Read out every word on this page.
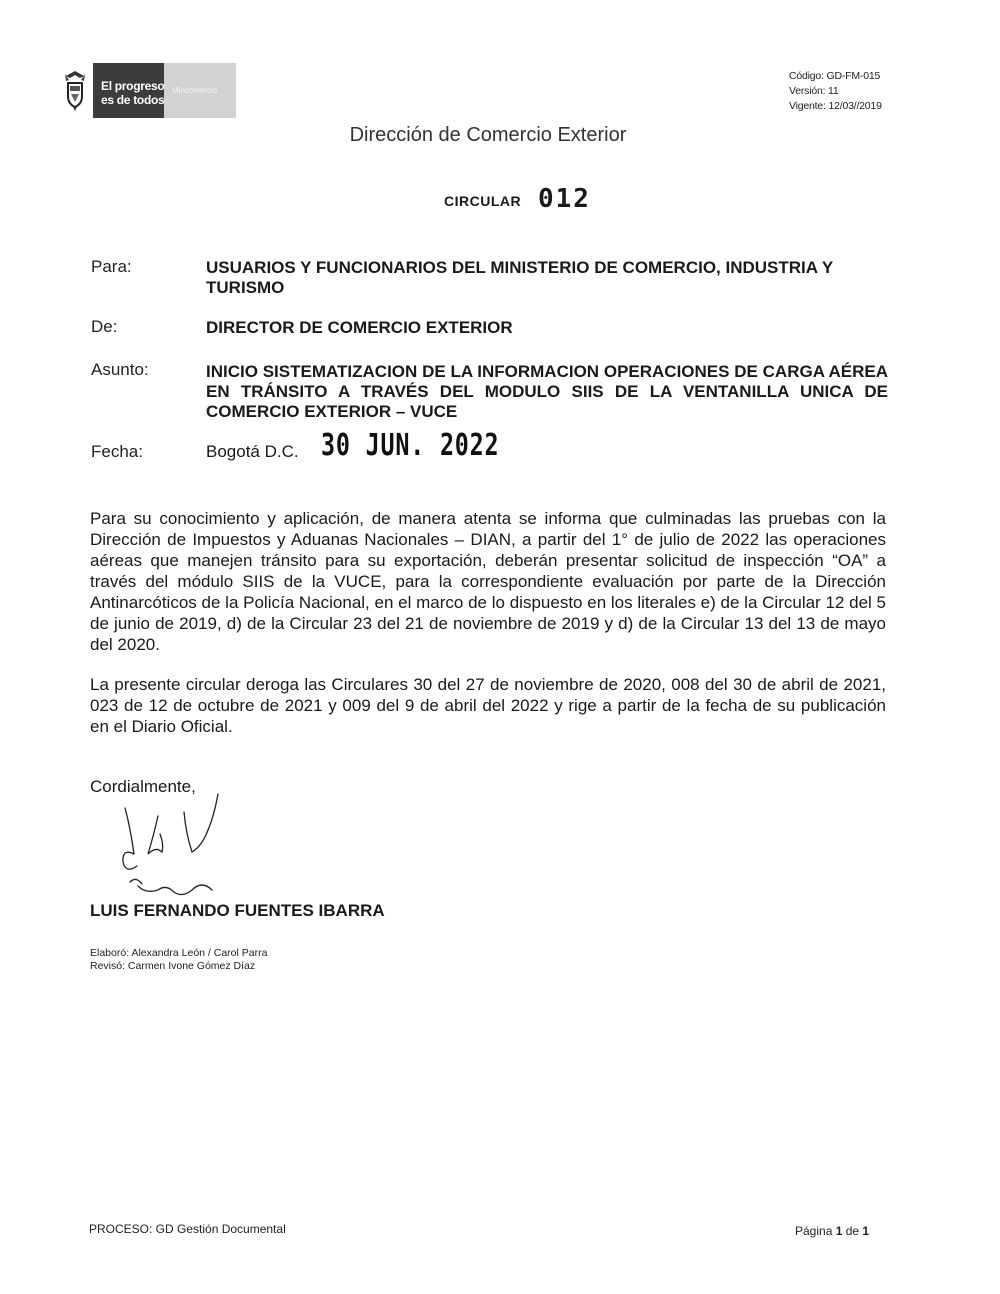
El progreso
es de todos
Mincomercio
Código: GD-FM-015
Versión: 11
Vigente: 12/03//2019
Dirección de Comercio Exterior
CIRCULAR 012
Para:	USUARIOS Y FUNCIONARIOS DEL MINISTERIO DE COMERCIO, INDUSTRIA Y TURISMO
De:	DIRECTOR DE COMERCIO EXTERIOR
Asunto:	INICIO SISTEMATIZACION DE LA INFORMACION OPERACIONES DE CARGA AÉREA EN TRÁNSITO A TRAVÉS DEL MODULO SIIS DE LA VENTANILLA UNICA DE COMERCIO EXTERIOR – VUCE
Fecha:	Bogotá D.C. 30 JUN. 2022
Para su conocimiento y aplicación, de manera atenta se informa que culminadas las pruebas con la Dirección de Impuestos y Aduanas Nacionales – DIAN, a partir del 1° de julio de 2022 las operaciones aéreas que manejen tránsito para su exportación, deberán presentar solicitud de inspección “OA” a través del módulo SIIS de la VUCE, para la correspondiente evaluación por parte de la Dirección Antinarcóticos de la Policía Nacional, en el marco de lo dispuesto en los literales e) de la Circular 12 del 5 de junio de 2019, d) de la Circular 23 del 21 de noviembre de 2019 y d) de la Circular 13 del 13 de mayo del 2020.
La presente circular deroga las Circulares 30 del 27 de noviembre de 2020, 008 del 30 de abril de 2021, 023 de 12 de octubre de 2021 y 009 del 9 de abril del 2022 y rige a partir de la fecha de su publicación en el Diario Oficial.
Cordialmente,
LUIS FERNANDO FUENTES IBARRA
Elaboró: Alexandra León / Carol Parra
Revisó: Carmen Ivone Gómez Díaz
PROCESO: GD Gestión Documental	Página 1 de 1
